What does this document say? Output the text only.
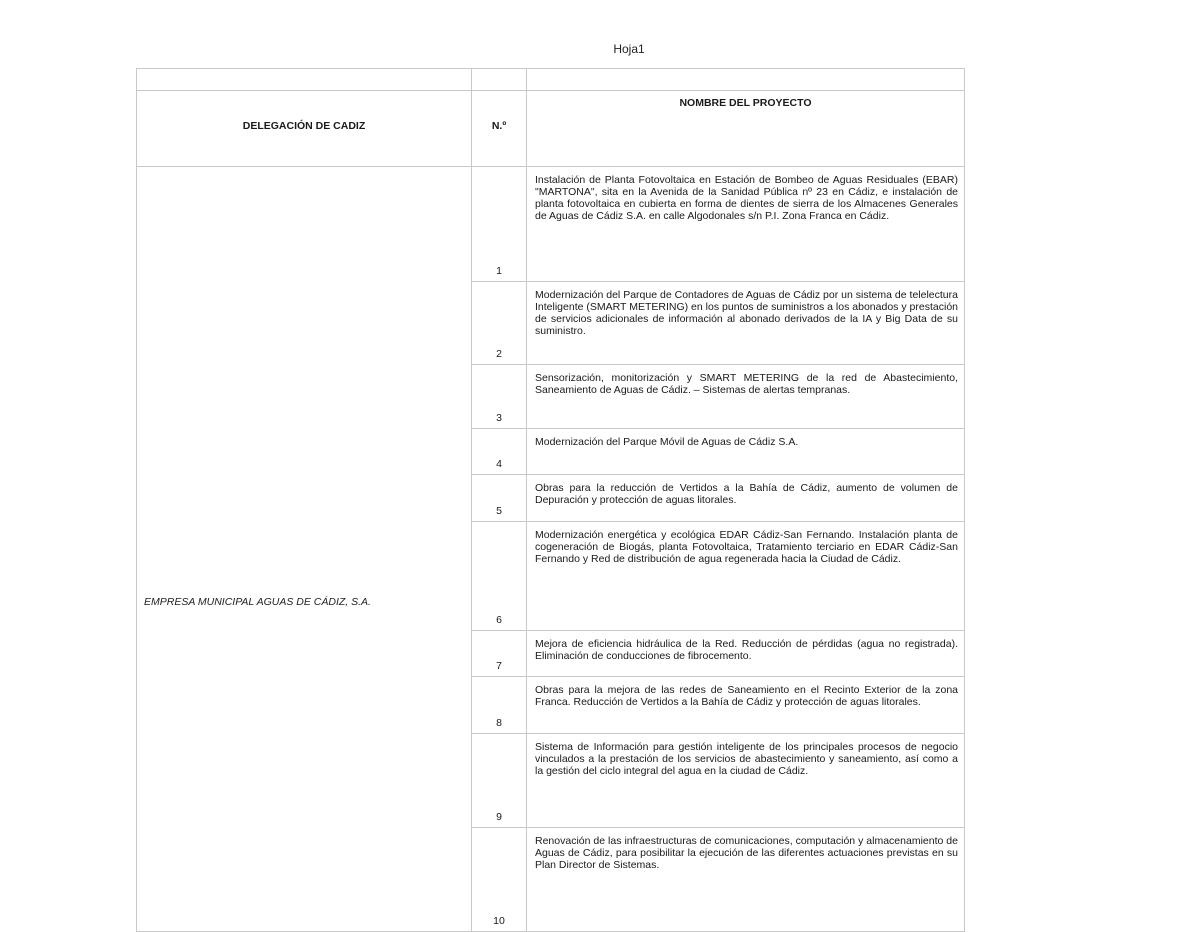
Hoja1

DELEGACIÓN DE CADIZ	N.º	NOMBRE DEL PROYECTO

EMPRESA MUNICIPAL AGUAS DE CÁDIZ, S.A.	1	Instalación de Planta Fotovoltaica en Estación de Bombeo de Aguas Residuales (EBAR) "MARTONA", sita en la Avenida de la Sanidad Pública nº 23 en Cádiz, e instalación de planta fotovoltaica en cubierta en forma de dientes de sierra de los Almacenes Generales de Aguas de Cádiz S.A. en calle Algodonales s/n P.I. Zona Franca en Cádiz.
	2	Modernización del Parque de Contadores de Aguas de Cádiz por un sistema de telelectura Inteligente (SMART METERING) en los puntos de suministros a los abonados y prestación de servicios adicionales de información al abonado derivados de la IA y Big Data de su suministro.
	3	Sensorización, monitorización y SMART METERING de la red de Abastecimiento, Saneamiento de Aguas de Cádiz. – Sistemas de alertas tempranas.
	4	Modernización del Parque Móvil de Aguas de Cádiz S.A.
	5	Obras para la reducción de Vertidos a la Bahía de Cádiz, aumento de volumen de Depuración y protección de aguas litorales.
	6	Modernización energética y ecológica EDAR Cádiz-San Fernando. Instalación planta de cogeneración de Biogás, planta Fotovoltaica, Tratamiento terciario en EDAR Cádiz-San Fernando y Red de distribución de agua regenerada hacia la Ciudad de Cádiz.
	7	Mejora de eficiencia hidráulica de la Red. Reducción de pérdidas (agua no registrada). Eliminación de conducciones de fibrocemento.
	8	Obras para la mejora de las redes de Saneamiento en el Recinto Exterior de la zona Franca. Reducción de Vertidos a la Bahía de Cádiz y protección de aguas litorales.
	9	Sistema de Información para gestión inteligente de los principales procesos de negocio vinculados a la prestación de los servicios de abastecimiento y saneamiento, así como a la gestión del ciclo integral del agua en la ciudad de Cádiz.
	10	Renovación de las infraestructuras de comunicaciones, computación y almacenamiento de Aguas de Cádiz, para posibilitar la ejecución de las diferentes actuaciones previstas en su Plan Director de Sistemas.
